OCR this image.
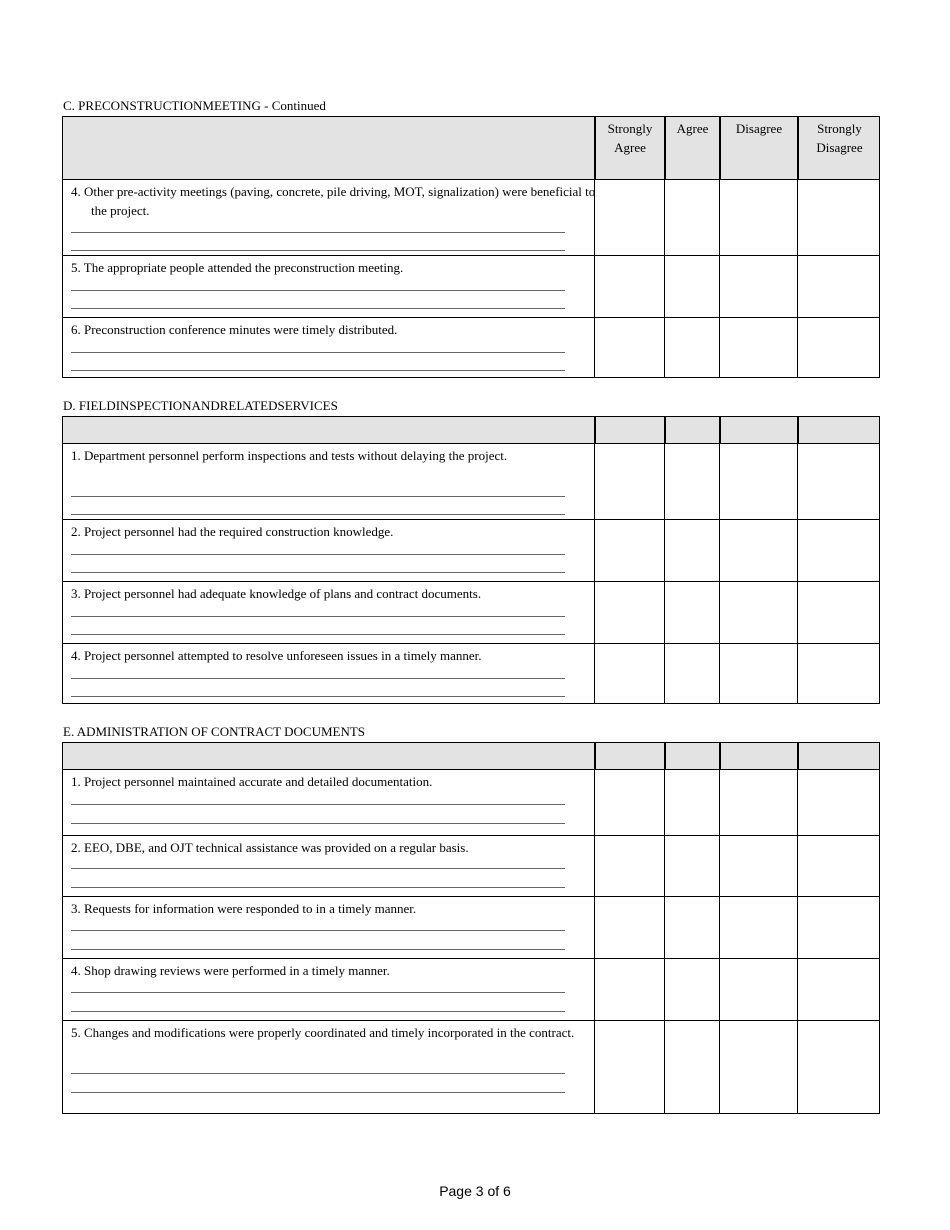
C. PRECONSTRUCTIONMEETING - Continued
Strongly Agree
Agree	Disagree	Strongly Disagree
4. Other pre-activity meetings (paving, concrete, pile driving, MOT, signalization) were beneficial to the project.
5. The appropriate people attended the preconstruction meeting.
6. Preconstruction conference minutes were timely distributed.
D. FIELDINSPECTIONANDRELATEDSERVICES
1. Department personnel perform inspections and tests without delaying the project.
2. Project personnel had the required construction knowledge.
3. Project personnel had adequate knowledge of plans and contract documents.
4. Project personnel attempted to resolve unforeseen issues in a timely manner.
E. ADMINISTRATION OF CONTRACT DOCUMENTS
1. Project personnel maintained accurate and detailed documentation.
2. EEO, DBE, and OJT technical assistance was provided on a regular basis.
3. Requests for information were responded to in a timely manner.
4. Shop drawing reviews were performed in a timely manner.
5. Changes and modifications were properly coordinated and timely incorporated in the contract.
Page 3 of 6
